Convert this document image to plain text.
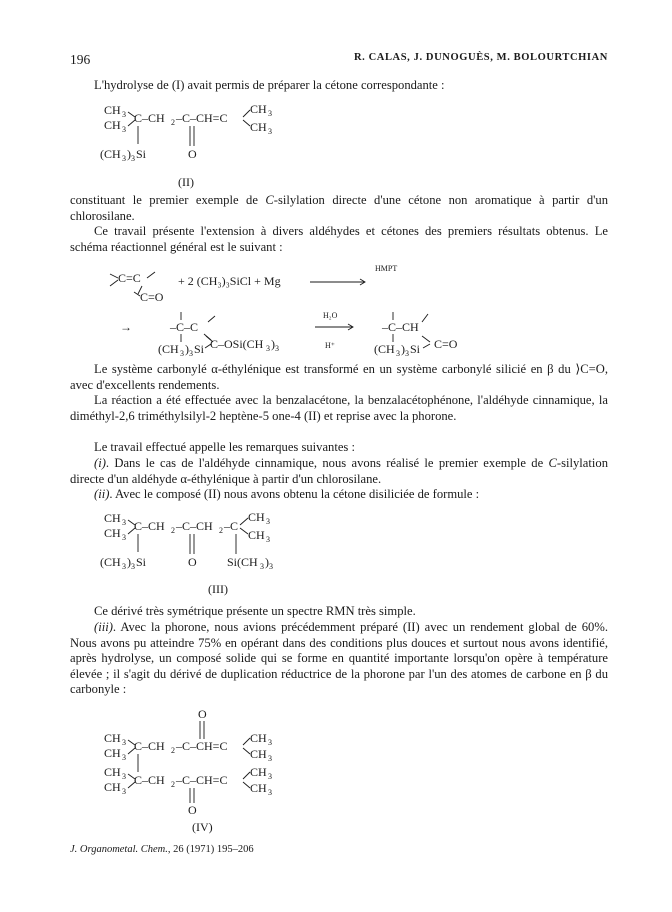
196	R. CALAS, J. DUNOGUÈS, M. BOLOURTCHIAN

L'hydrolyse de (I) avait permis de préparer la cétone correspondante :

CH 3
CH 3
C–CH 2 –C–CH=C
CH 3
CH 3
(CH 3 ) 3 Si	O
(II)

constituant le premier exemple de C-silylation directe d'une cétone non aromatique à partir d'un chlorosilane.

Ce travail présente l'extension à divers aldéhydes et cétones des premiers résultats obtenus. Le schéma réactionnel général est le suivant :

C=C
C=O
+ 2 (CH₃)₃SiCl + Mg
HMPT
→	–C–C
(CH 3 ) 3 Si C–OSi(CH 3 ) 3
H₂O
H⁺
–C–CH
(CH 3 ) 3 Si C=O

Le système carbonylé α-éthylénique est transformé en un système carbonylé silicié en β du ⟩C=O, avec d'excellents rendements.

La réaction a été effectuée avec la benzalacétone, la benzalacétophénone, l'aldéhyde cinnamique, la diméthyl-2,6 triméthylsilyl-2 heptène-5 one-4 (II) et reprise avec la phorone.

Le travail effectué appelle les remarques suivantes :

(i). Dans le cas de l'aldéhyde cinnamique, nous avons réalisé le premier exemple de C-silylation directe d'un aldéhyde α-éthylénique à partir d'un chlorosilane.

(ii). Avec le composé (II) nous avons obtenu la cétone disiliciée de formule :

CH 3
CH 3
C–CH 2 –C–CH 2 –C
CH 3
CH 3
(CH 3 ) 3 Si	O	Si(CH 3 ) 3
(III)

Ce dérivé très symétrique présente un spectre RMN très simple.

(iii). Avec la phorone, nous avions précédemment préparé (II) avec un rendement global de 60%. Nous avons pu atteindre 75% en opérant dans des conditions plus douces et surtout nous avons identifié, après hydrolyse, un composé solide qui se forme en quantité importante lorsqu'on opère à température élevée ; il s'agit du dérivé de duplication réductrice de la phorone par l'un des atomes de carbone en β du carbonyle :

O
CH 3
CH 3
C–CH 2 –C–CH=C
CH 3
CH 3
CH 3
CH 3
C–CH 2 –C–CH=C
CH 3
CH 3
O
(IV)
J. Organometal. Chem., 26 (1971) 195–206
